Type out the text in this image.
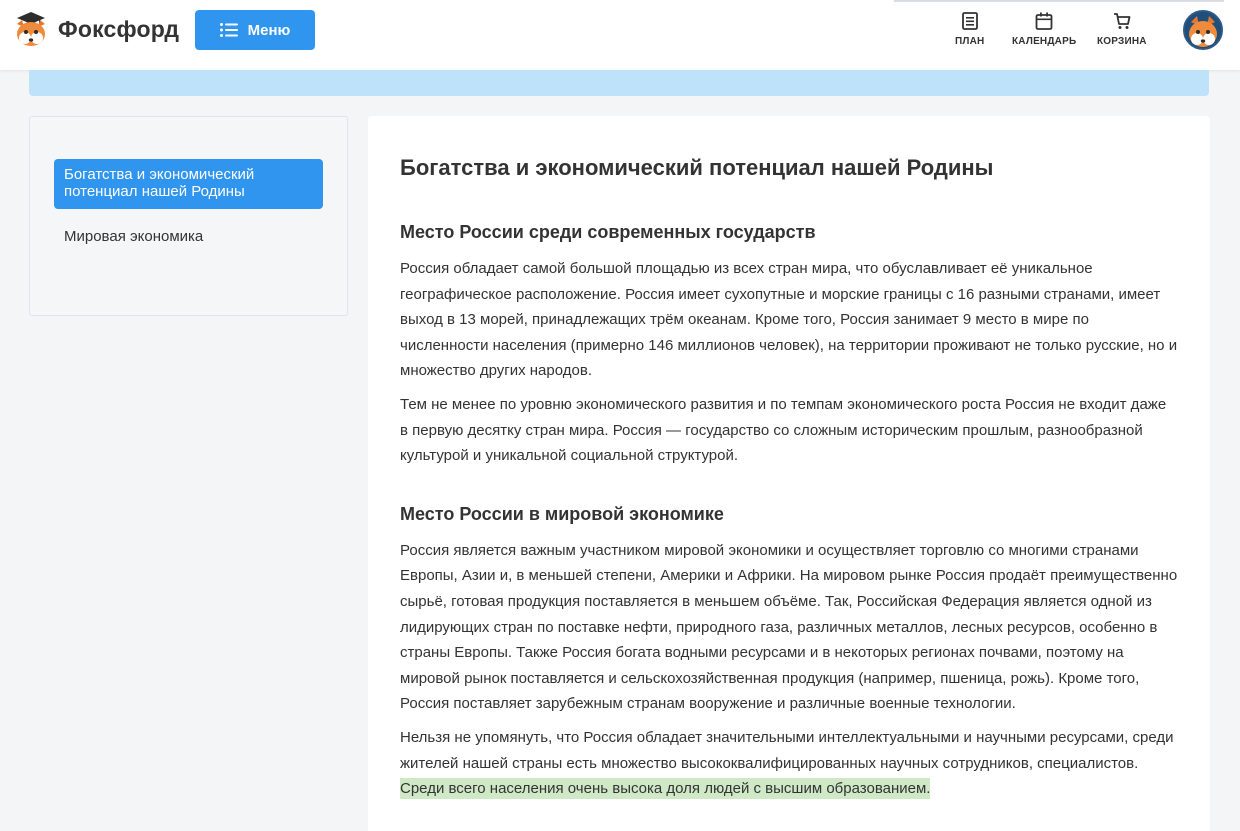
Фоксфорд	Меню
ПЛАН	КАЛЕНДАРЬ КОРЗИНА
Богатства и экономический потенциал нашей Родины
Мировая экономика
Богатства и экономический потенциал нашей Родины
Место России среди современных государств

Россия обладает самой большой площадью из всех стран мира, что обуславливает её уникальное географическое расположение. Россия имеет сухопутные и морские границы с 16 разными странами, имеет выход в 13 морей, принадлежащих трём океанам. Кроме того, Россия занимает 9 место в мире по численности населения (примерно 146 миллионов человек), на территории проживают не только русские, но и множество других народов.

Тем не менее по уровню экономического развития и по темпам экономического роста Россия не входит даже в первую десятку стран мира. Россия — государство со сложным историческим прошлым, разнообразной культурой и уникальной социальной структурой.

Место России в мировой экономике

Россия является важным участником мировой экономики и осуществляет торговлю со многими странами Европы, Азии и, в меньшей степени, Америки и Африки. На мировом рынке Россия продаёт преимущественно сырьё, готовая продукция поставляется в меньшем объёме. Так, Российская Федерация является одной из лидирующих стран по поставке нефти, природного газа, различных металлов, лесных ресурсов, особенно в страны Европы. Также Россия богата водными ресурсами и в некоторых регионах почвами, поэтому на мировой рынок поставляется и сельскохозяйственная продукция (например, пшеница, рожь). Кроме того, Россия поставляет зарубежным странам вооружение и различные военные технологии.

Нельзя не упомянуть, что Россия обладает значительными интеллектуальными и научными ресурсами, среди жителей нашей страны есть множество высококвалифицированных научных сотрудников, специалистов. Среди всего населения очень высока доля людей с высшим образованием.
